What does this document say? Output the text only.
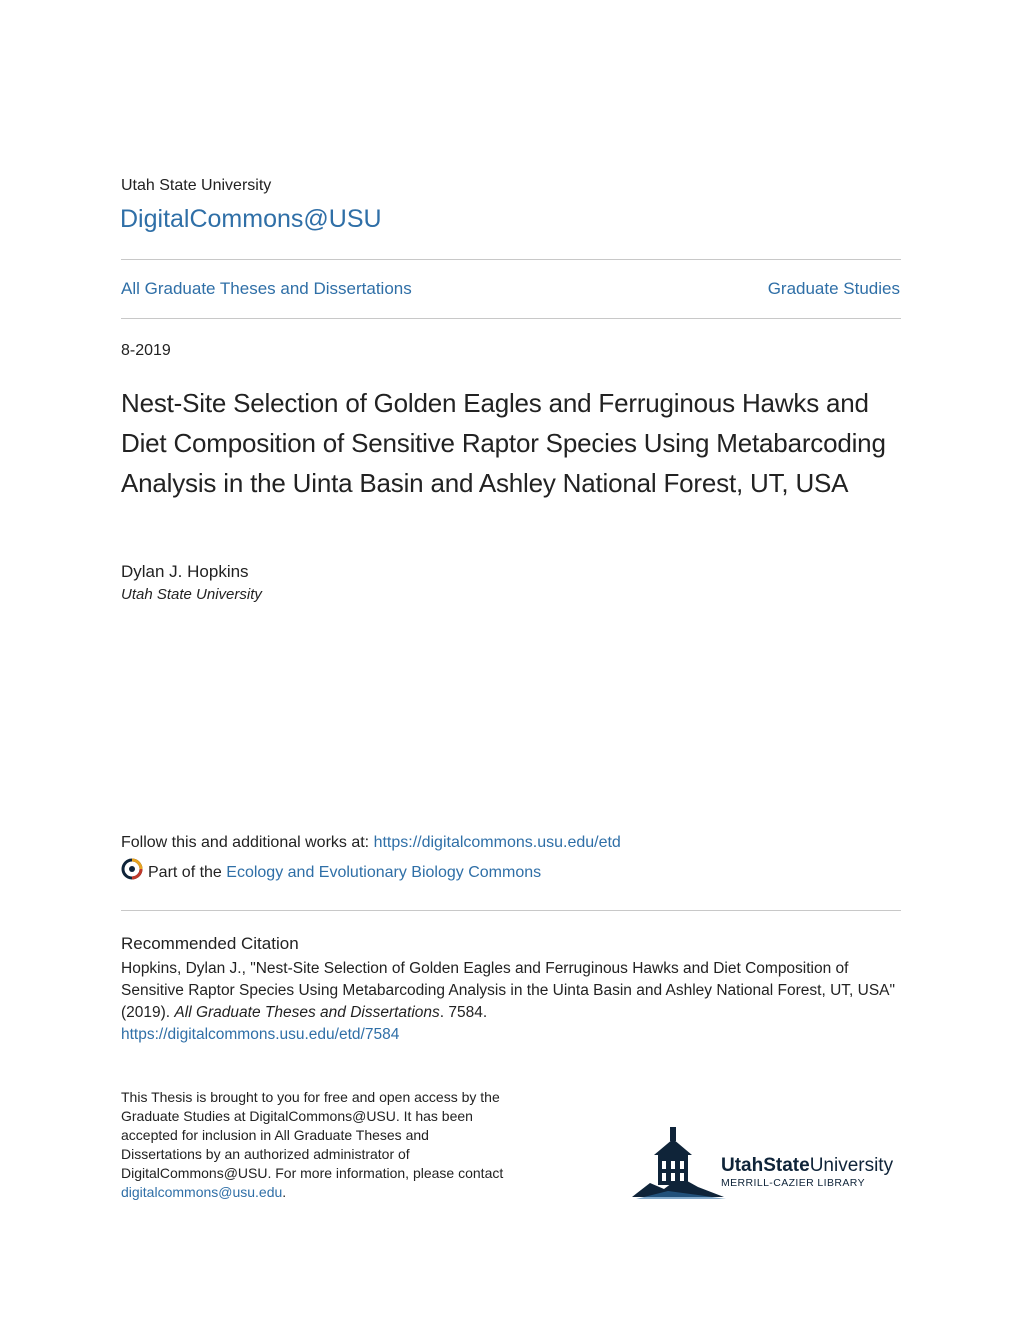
Utah State University
DigitalCommons@USU
All Graduate Theses and Dissertations	Graduate Studies
8-2019
Nest-Site Selection of Golden Eagles and Ferruginous Hawks and Diet Composition of Sensitive Raptor Species Using Metabarcoding Analysis in the Uinta Basin and Ashley National Forest, UT, USA
Dylan J. Hopkins
Utah State University
Follow this and additional works at: https://digitalcommons.usu.edu/etd
Part of the
Ecology and Evolutionary Biology Commons
Recommended Citation
Hopkins, Dylan J., "Nest-Site Selection of Golden Eagles and Ferruginous Hawks and Diet Composition of Sensitive Raptor Species Using Metabarcoding Analysis in the Uinta Basin and Ashley National Forest, UT, USA" (2019). All Graduate Theses and Dissertations. 7584.
https://digitalcommons.usu.edu/etd/7584
This Thesis is brought to you for free and open access by the Graduate Studies at DigitalCommons@USU. It has been accepted for inclusion in All Graduate Theses and Dissertations by an authorized administrator of DigitalCommons@USU. For more information, please contact digitalcommons@usu.edu.
UtahStateUniversity
MERRILL-CAZIER LIBRARY
